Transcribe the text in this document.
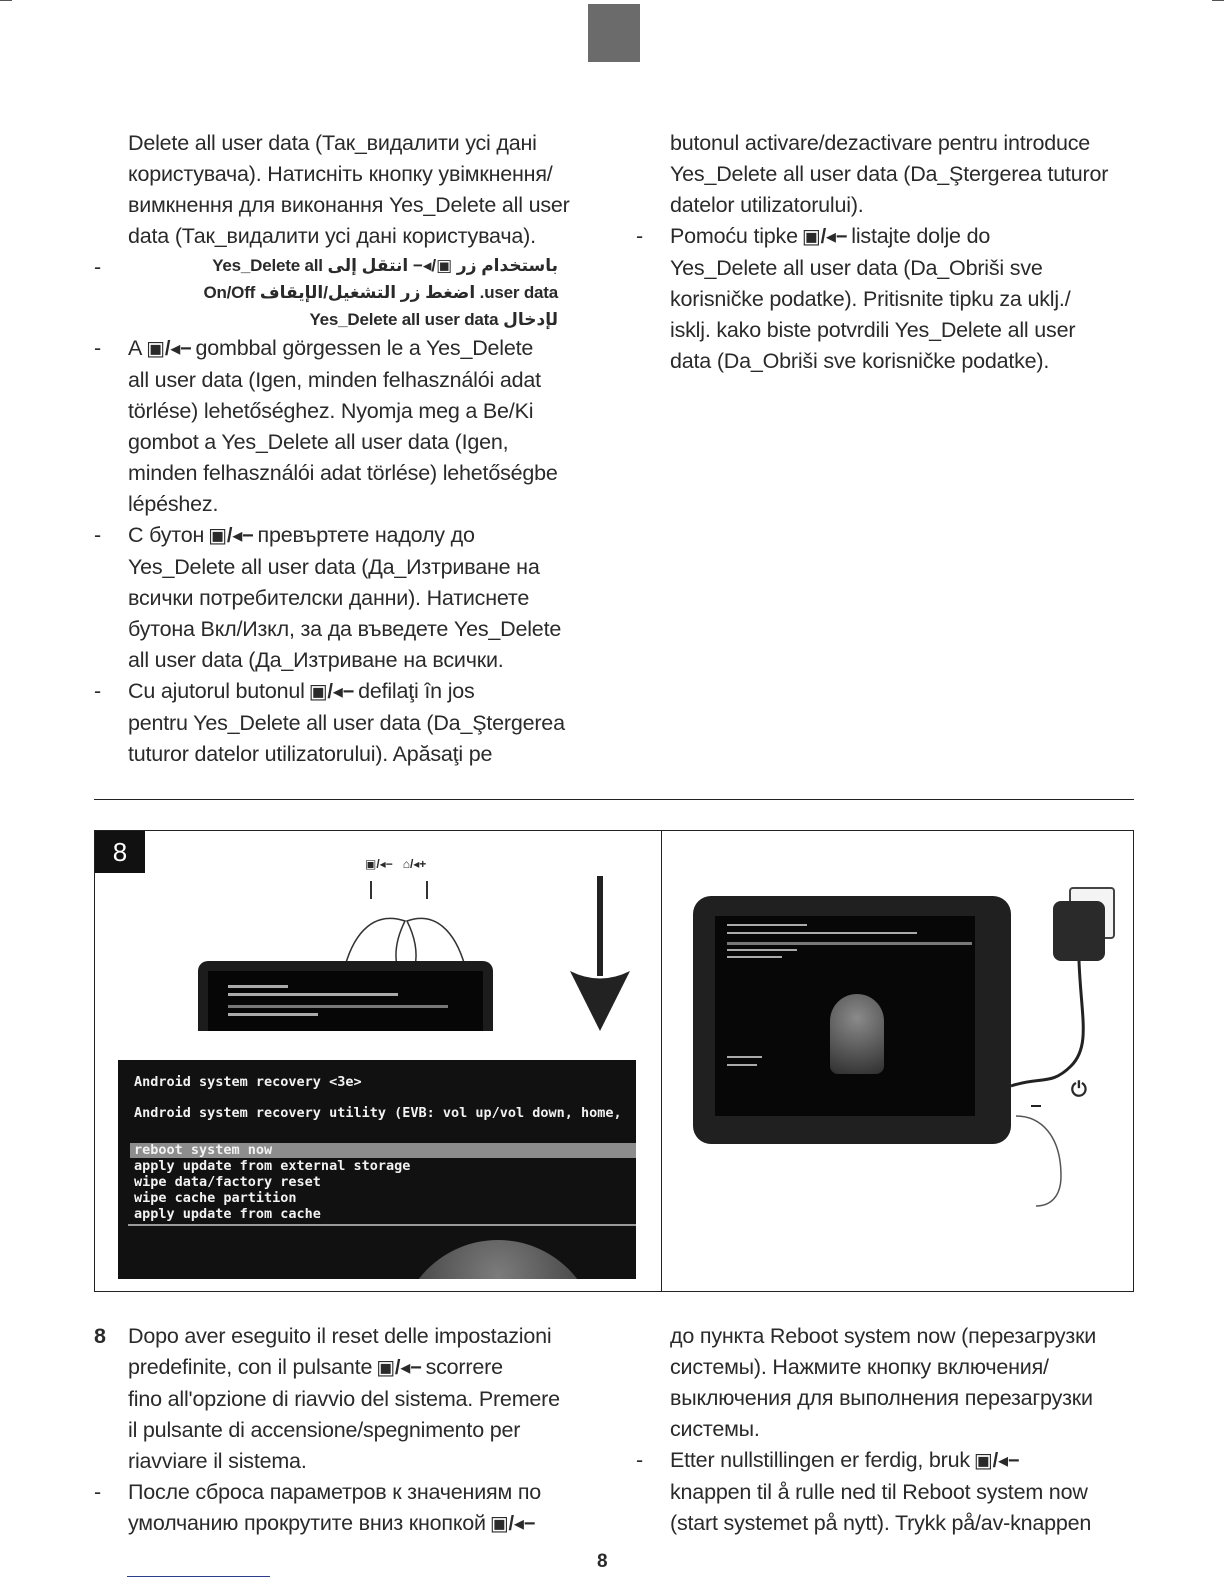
Delete all user data (Так_видалити усі дані

користувача). Натисніть кнопку увімкнення/

вимкнення для виконання Yes_Delete all user

data (Так_видалити усі дані користувача).

-	باستخدام زر ▣/◂− انتقل إلى Yes_Delete all

user data. اضغط زر التشغيل/الإيقاف On/Off

لإدخال Yes_Delete all user data

- A ▣/◂− gombbal görgessen le a Yes_Delete

all user data (Igen, minden felhasználói adat

törlése) lehetőséghez. Nyomja meg a Be/Ki

gombot a Yes_Delete all user data (Igen,

minden felhasználói adat törlése) lehetőségbe

lépéshez.

- С бутон ▣/◂− превъртете надолу до

Yes_Delete all user data (Да_Изтриване на

всички потребителски данни). Натиснете

бутона Вкл/Изкл, за да въведете Yes_Delete

all user data (Да_Изтриване на всички.

- Cu ajutorul butonul ▣/◂− defilaţi în jos

pentru Yes_Delete all user data (Da_Ştergerea

tuturor datelor utilizatorului). Apăsaţi pe

butonul activare/dezactivare pentru introduce

Yes_Delete all user data (Da_Ştergerea tuturor

datelor utilizatorului).

- Pomoću tipke ▣/◂− listajte dolje do

Yes_Delete all user data (Da_Obriši sve

korisničke podatke). Pritisnite tipku za uklj./

isklj. kako biste potvrdili Yes_Delete all user

data (Da_Obriši sve korisničke podatke).

8	▣/◂−   ⌂/◂+
Android system recovery <3e>
Android system recovery utility (EVB: vol up/vol down, home,
reboot system now
apply update from external storage
wipe data/factory reset
wipe cache partition
apply update from cache
⏻
8 Dopo aver eseguito il reset delle impostazioni

predefinite, con il pulsante ▣/◂− scorrere

fino all'opzione di riavvio del sistema. Premere

il pulsante di accensione/spegnimento per

riavviare il sistema.

- После сброса параметров к значениям по

умолчанию прокрутите вниз кнопкой ▣/◂−

до пункта Reboot system now (перезагрузки

системы). Нажмите кнопку включения/

выключения для выполнения перезагрузки

системы.

- Etter nullstillingen er ferdig, bruk ▣/◂−

knappen til å rulle ned til Reboot system now

(start systemet på nytt). Trykk på/av-knappen

8
